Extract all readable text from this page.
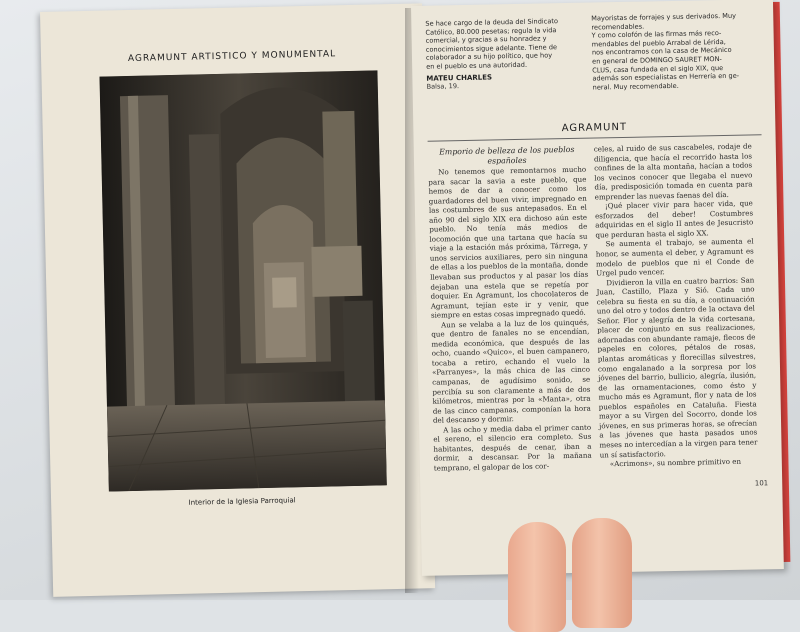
AGRAMUNT ARTISTICO Y MONUMENTAL
Interior de la Iglesia Parroquial

Se hace cargo de la deuda del Sindicato

Católico, 80.000 pesetas; regula la vida

comercial, y gracias a su honradez y

conocimientos sigue adelante. Tiene de

colaborador a su hijo político, que hoy

en el pueblo es una autoridad.

MATEU CHARLES
Balsa, 19.

Mayoristas de forrajes y sus derivados. Muy

recomendables.

Y como colofón de las firmas más reco-

mendables del pueblo Arrabal de Lérida,

nos encontramos con la casa de Mecánico

en general de DOMINGO SAURET MON-

CLUS, casa fundada en el siglo XIX, que

además son especialistas en Herrería en ge-

neral. Muy recomendable.

AGRAMUNT

Emporio de belleza de los pueblos españoles

No tenemos que remontarnos mucho para sacar la savia a este pueblo, que hemos de dar a conocer como los guardadores del buen vivir, impregnado en las costumbres de sus antepasados. En el año 90 del siglo XIX era dichoso aún este pueblo. No tenía más medios de locomoción que una tartana que hacía su viaje a la estación más próxima, Tárrega, y unos servicios auxiliares, pero sin ninguna de ellas a los pueblos de la montaña, donde llevaban sus productos y al pasar los días dejaban una estela que se repetía por doquier. En Agramunt, los chocolateros de Agramunt, tejían este ir y venir, que siempre en estas cosas impregnado quedó.

Aun se velaba a la luz de los quinqués, que dentro de fanales no se encendían, medida económica, que después de las ocho, cuando «Quico», el buen campanero, tocaba a retiro, echando el vuelo la «Parranyes», la más chica de las cinco campanas, de agudísimo sonido, se percibía su son claramente a más de dos kilómetros, mientras por la «Manta», otra de las cinco campanas, componían la hora del descanso y dormir.

A las ocho y media daba el primer canto el sereno, el silencio era completo. Sus habitantes, después de cenar, iban a dormir, a descansar. Por la mañana temprano, el galopar de los cor-

celes, al ruido de sus cascabeles, rodaje de diligencia, que hacía el recorrido hasta los confines de la alta montaña, hacían a todos los vecinos conocer que llegaba el nuevo día, predisposición tomada en cuenta para emprender las nuevas faenas del día.

¡Qué placer vivir para hacer vida, que esforzados del deber! Costumbres adquiridas en el siglo II antes de Jesucristo que perduran hasta el siglo XX.

Se aumenta el trabajo, se aumenta el honor, se aumenta el deber, y Agramunt es modelo de pueblos que ni el Conde de Urgel pudo vencer.

Dividieron la villa en cuatro barrios: San Juan, Castillo, Plaza y Sió. Cada uno celebra su fiesta en su día, a continuación uno del otro y todos dentro de la octava del Señor. Flor y alegría de la vida cortesana, placer de conjunto en sus realizaciones, adornadas con abundante ramaje, flecos de papeles en colores, pétalos de rosas, plantas aromáticas y florecillas silvestres, como engalanado a la sorpresa por los jóvenes del barrio, bullicio, alegría, ilusión, de las ornamentaciones, como ésto y mucho más es Agramunt, flor y nata de los pueblos españoles en Cataluña. Fiesta mayor a su Virgen del Socorro, donde los jóvenes, en sus primeras horas, se ofrecían a las jóvenes que hasta pasados unos meses no intercedían a la virgen para tener un sí satisfactorio.

«Acrimons», su nombre primitivo en

101
